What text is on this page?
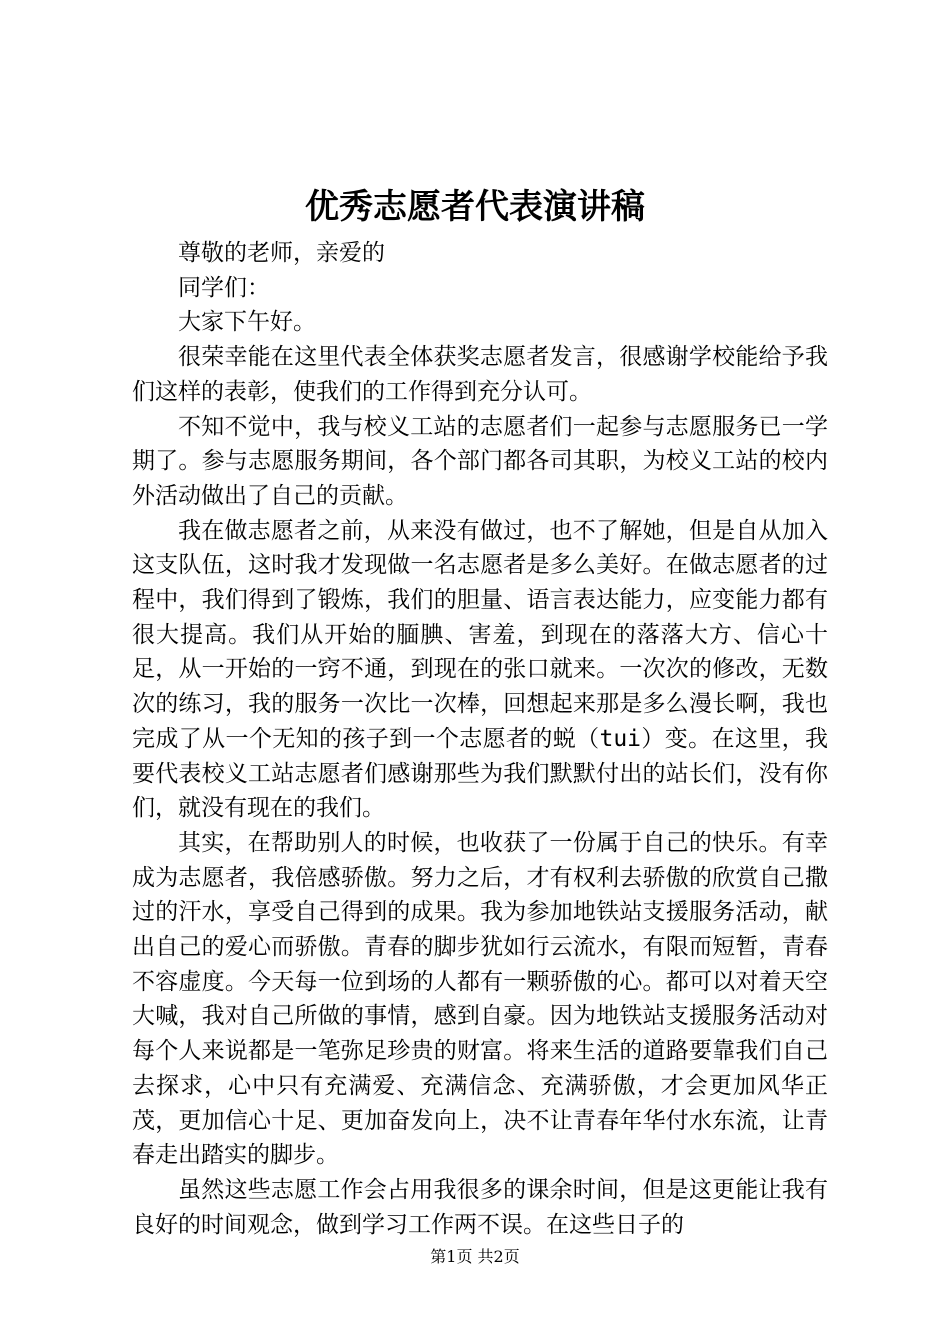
优秀志愿者代表演讲稿

尊敬的老师，亲爱的

同学们：

大家下午好。

很荣幸能在这里代表全体获奖志愿者发言，很感谢学校能给予我们这样的表彰，使我们的工作得到充分认可。

不知不觉中，我与校义工站的志愿者们一起参与志愿服务已一学期了。参与志愿服务期间，各个部门都各司其职，为校义工站的校内外活动做出了自己的贡献。

我在做志愿者之前，从来没有做过，也不了解她，但是自从加入这支队伍，这时我才发现做一名志愿者是多么美好。在做志愿者的过程中，我们得到了锻炼，我们的胆量、语言表达能力，应变能力都有很大提高。我们从开始的腼腆、害羞，到现在的落落大方、信心十足，从一开始的一窍不通，到现在的张口就来。一次次的修改，无数次的练习，我的服务一次比一次棒，回想起来那是多么漫长啊，我也完成了从一个无知的孩子到一个志愿者的蜕（tui）变。在这里，我要代表校义工站志愿者们感谢那些为我们默默付出的站长们，没有你们，就没有现在的我们。

其实，在帮助别人的时候，也收获了一份属于自己的快乐。有幸成为志愿者，我倍感骄傲。努力之后，才有权利去骄傲的欣赏自己撒过的汗水，享受自己得到的成果。我为参加地铁站支援服务活动，献出自己的爱心而骄傲。青春的脚步犹如行云流水，有限而短暂，青春不容虚度。今天每一位到场的人都有一颗骄傲的心。都可以对着天空大喊，我对自己所做的事情，感到自豪。因为地铁站支援服务活动对每个人来说都是一笔弥足珍贵的财富。将来生活的道路要靠我们自己去探求，心中只有充满爱、充满信念、充满骄傲，才会更加风华正茂，更加信心十足、更加奋发向上，决不让青春年华付水东流，让青春走出踏实的脚步。

虽然这些志愿工作会占用我很多的课余时间，但是这更能让我有良好的时间观念，做到学习工作两不误。在这些日子的

第1页 共2页
